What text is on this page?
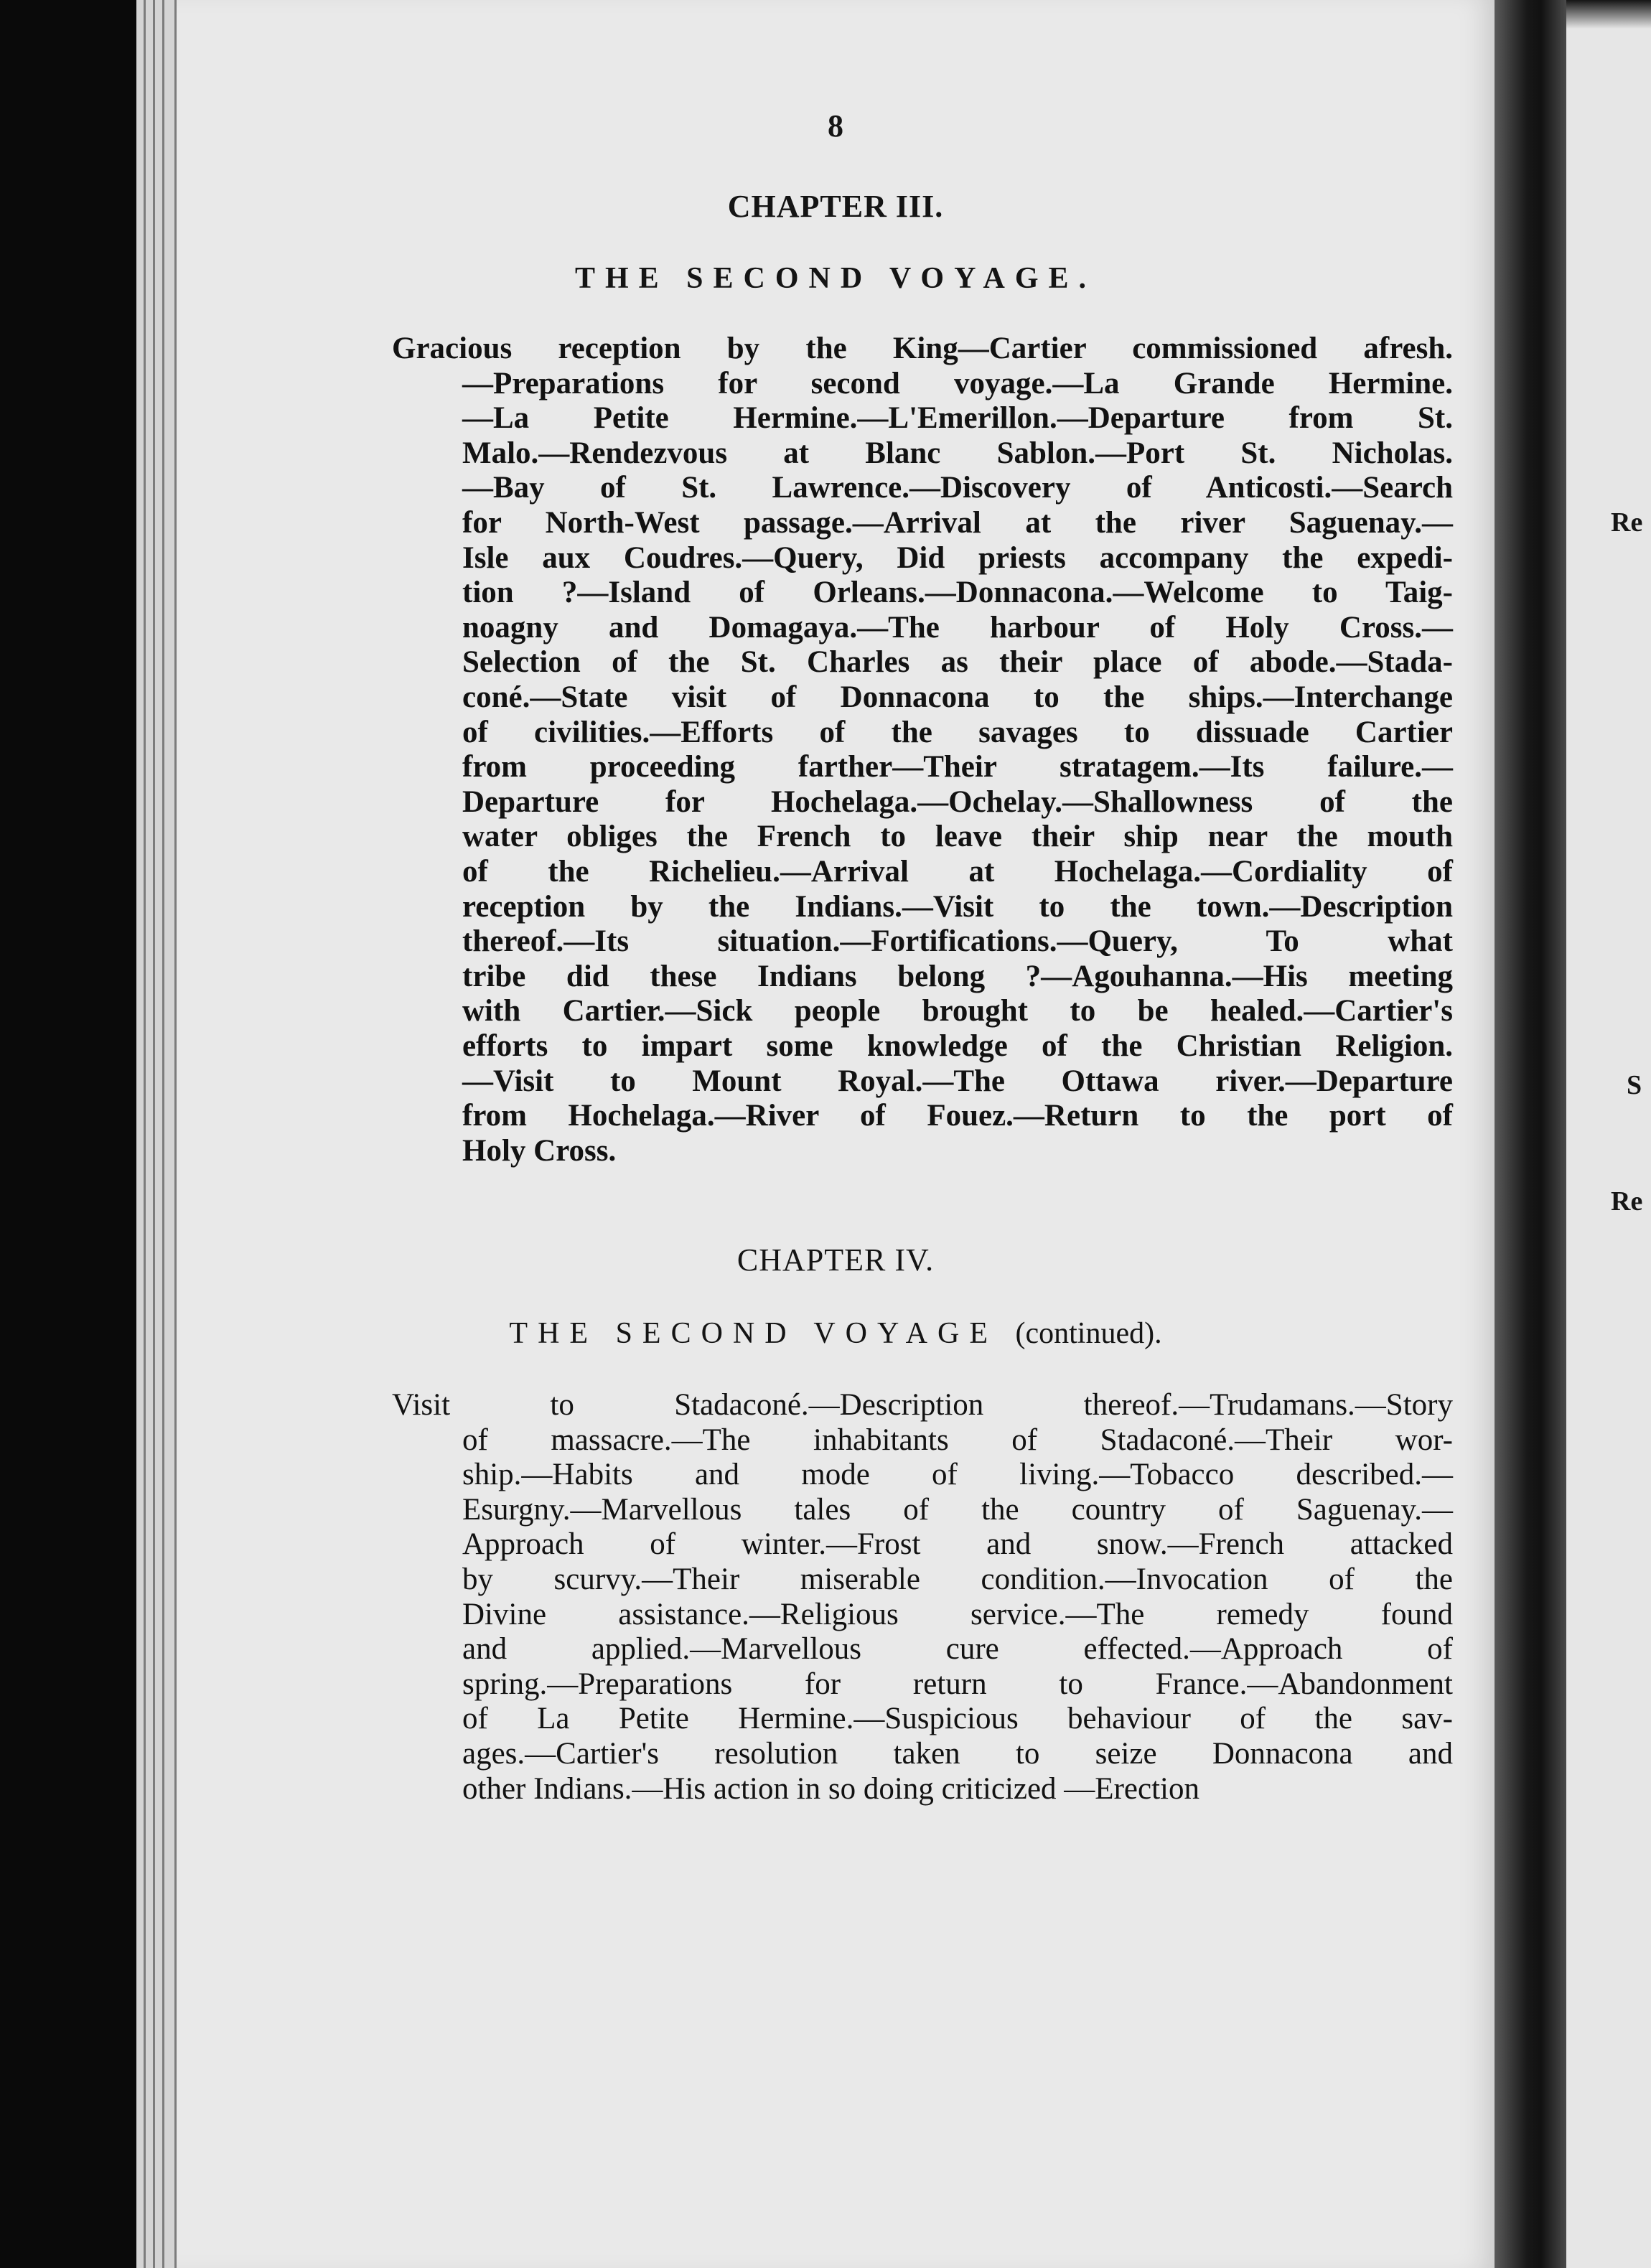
Re
S
Re
8
CHAPTER III.
THE SECOND VOYAGE.
Gracious reception by the King—Cartier commissioned afresh.
—Preparations for second voyage.—La Grande Hermine.
—La Petite Hermine.—L'Emerillon.—Departure from St.
Malo.—Rendezvous at Blanc Sablon.—Port St. Nicholas.
—Bay of St. Lawrence.—Discovery of Anticosti.—Search
for North-West passage.—Arrival at the river Saguenay.—
Isle aux Coudres.—Query, Did priests accompany the expedi-
tion ?—Island of Orleans.—Donnacona.—Welcome to Taig-
noagny and Domagaya.—The harbour of Holy Cross.—
Selection of the St. Charles as their place of abode.—Stada-
coné.—State visit of Donnacona to the ships.—Interchange
of civilities.—Efforts of the savages to dissuade Cartier
from proceeding farther—Their stratagem.—Its failure.—
Departure for Hochelaga.—Ochelay.—Shallowness of the
water obliges the French to leave their ship near the mouth
of the Richelieu.—Arrival at Hochelaga.—Cordiality of
reception by the Indians.—Visit to the town.—Description
thereof.—Its situation.—Fortifications.—Query, To what
tribe did these Indians belong ?—Agouhanna.—His meeting
with Cartier.—Sick people brought to be healed.—Cartier's
efforts to impart some knowledge of the Christian Religion.
—Visit to Mount Royal.—The Ottawa river.—Departure
from Hochelaga.—River of Fouez.—Return to the port of
Holy Cross.
CHAPTER IV.
THE SECOND VOYAGE (continued).
Visit to Stadaconé.—Description thereof.—Trudamans.—Story
of massacre.—The inhabitants of Stadaconé.—Their wor-
ship.—Habits and mode of living.—Tobacco described.—
Esurgny.—Marvellous tales of the country of Saguenay.—
Approach of winter.—Frost and snow.—French attacked
by scurvy.—Their miserable condition.—Invocation of the
Divine assistance.—Religious service.—The remedy found
and applied.—Marvellous cure effected.—Approach of
spring.—Preparations for return to France.—Abandonment
of La Petite Hermine.—Suspicious behaviour of the sav-
ages.—Cartier's resolution taken to seize Donnacona and
other Indians.—His action in so doing criticized —Erection
